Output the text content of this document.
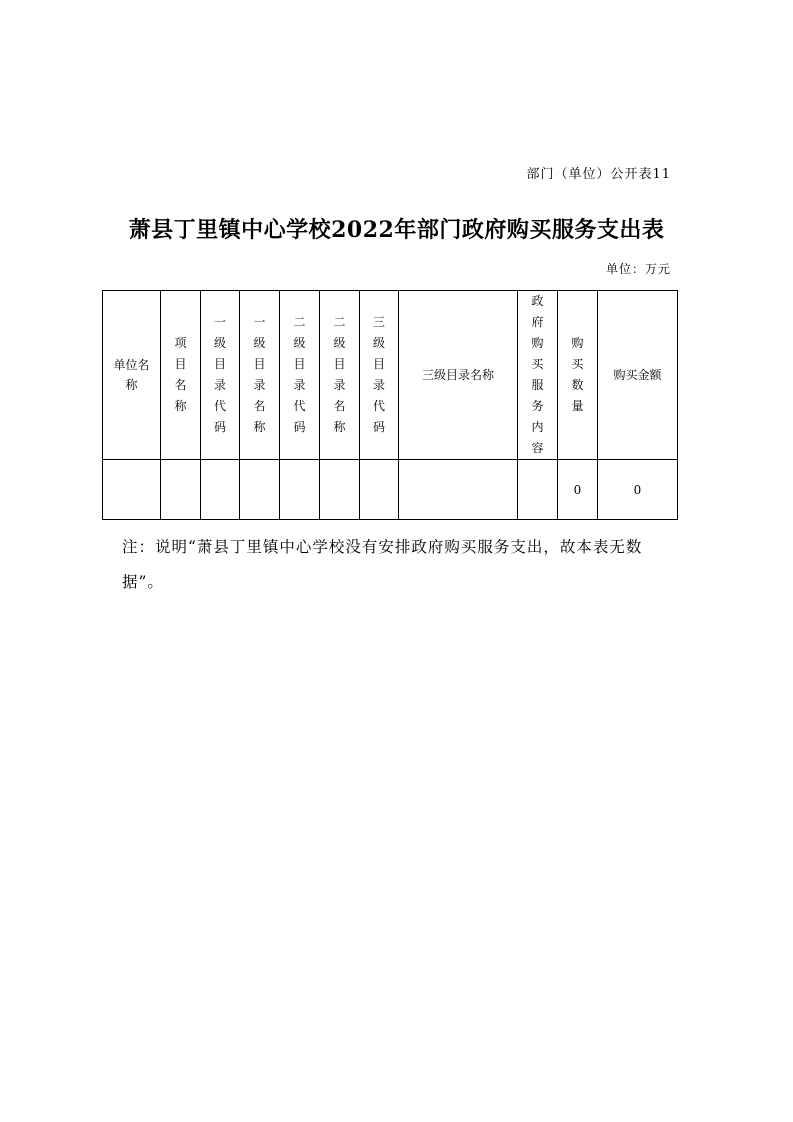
部门（单位）公开表11
萧县丁里镇中心学校2022年部门政府购买服务支出表
单位：万元
单位名称	项目名称	一级目录代码	一级目录名称	二级目录代码	二级目录名称	三级目录代码	三级目录名称	政府购买服务内容	购买数量	购买金额
									0	0
注：说明“萧县丁里镇中心学校没有安排政府购买服务支出，故本表无数据”。
